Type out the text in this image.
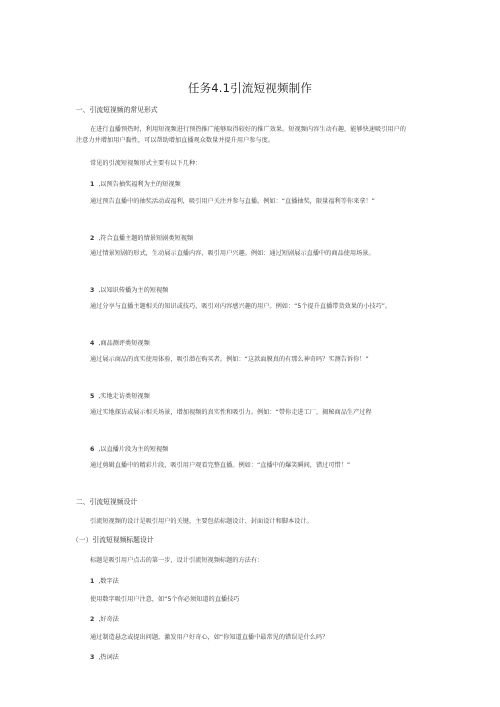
任务4.1引流短视频制作
一、引流短视频的常见形式
在进行直播预热时，利用短视频进行预热推广能够取得较好的推广效果。短视频内容生动有趣，能够快速吸引用户的注意力并增加用户黏性，可以帮助增加直播观众数量并提升用户参与度。
常见的引流短视频形式主要有以下几种：
1 ,以预告抽奖福利为主的短视频
通过预告直播中的抽奖活动或福利，吸引用户关注并参与直播。例如：“直播抽奖，限量福利等你来拿！”
2 ,符合直播主题的情景短剧类短视频
通过情景短剧的形式，生动展示直播内容，吸引用户兴趣。例如：通过短剧展示直播中的商品使用场景。
3 ,以知识传播为主的短视频
通过分享与直播主题相关的知识或技巧，吸引对内容感兴趣的用户。例如：“5个提升直播带货效果的小技巧”。
4 ,商品测评类短视频
通过展示商品的真实使用体验，吸引潜在购买者。例如：“这款面膜真的有那么神奇吗？实测告诉你！”
5 ,实地走访类短视频
通过实地探访或展示相关场景，增加视频的真实性和吸引力。例如：“带你走进工厂，揭秘商品生产过程
6 ,以直播片段为主的短视频
通过剪辑直播中的精彩片段，吸引用户观看完整直播。例如：“直播中的爆笑瞬间，错过可惜！”
二、引流短视频设计
引流短视频的设计是吸引用户的关键，主要包括标题设计、封面设计和脚本设计。
（一）引流短视频标题设计
标题是吸引用户点击的第一步，设计引流短视频标题的方法有：
1 ,数字法
使用数字吸引用户注意，如“5个你必须知道的直播技巧
2 ,好奇法
通过制造悬念或提出问题，激发用户好奇心，如“你知道直播中最常见的错误是什么吗？
3 ,热词法
